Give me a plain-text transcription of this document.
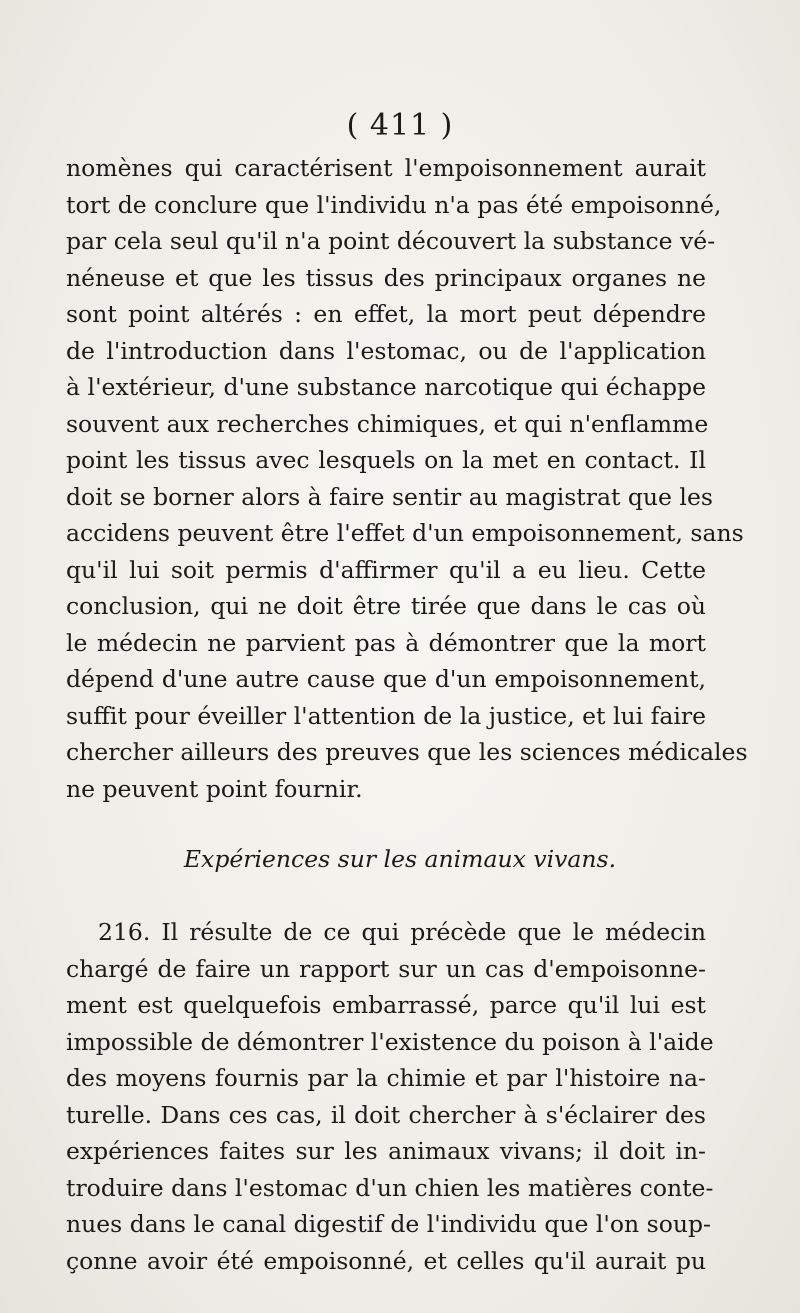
( 411 )
nomènes qui caractérisent l'empoisonnement aurait
tort de conclure que l'individu n'a pas été empoisonné,
par cela seul qu'il n'a point découvert la substance vé-
néneuse et que les tissus des principaux organes ne
sont point altérés : en effet, la mort peut dépendre
de l'introduction dans l'estomac, ou de l'application
à l'extérieur, d'une substance narcotique qui échappe
souvent aux recherches chimiques, et qui n'enflamme
point les tissus avec lesquels on la met en contact. Il
doit se borner alors à faire sentir au magistrat que les
accidens peuvent être l'effet d'un empoisonnement, sans
qu'il lui soit permis d'affirmer qu'il a eu lieu. Cette
conclusion, qui ne doit être tirée que dans le cas où
le médecin ne parvient pas à démontrer que la mort
dépend d'une autre cause que d'un empoisonnement,
suffit pour éveiller l'attention de la justice, et lui faire
chercher ailleurs des preuves que les sciences médicales
ne peuvent point fournir.
Expériences sur les animaux vivans.
216. Il résulte de ce qui précède que le médecin
chargé de faire un rapport sur un cas d'empoisonne-
ment est quelquefois embarrassé, parce qu'il lui est
impossible de démontrer l'existence du poison à l'aide
des moyens fournis par la chimie et par l'histoire na-
turelle. Dans ces cas, il doit chercher à s'éclairer des
expériences faites sur les animaux vivans; il doit in-
troduire dans l'estomac d'un chien les matières conte-
nues dans le canal digestif de l'individu que l'on soup-
çonne avoir été empoisonné, et celles qu'il aurait pu
